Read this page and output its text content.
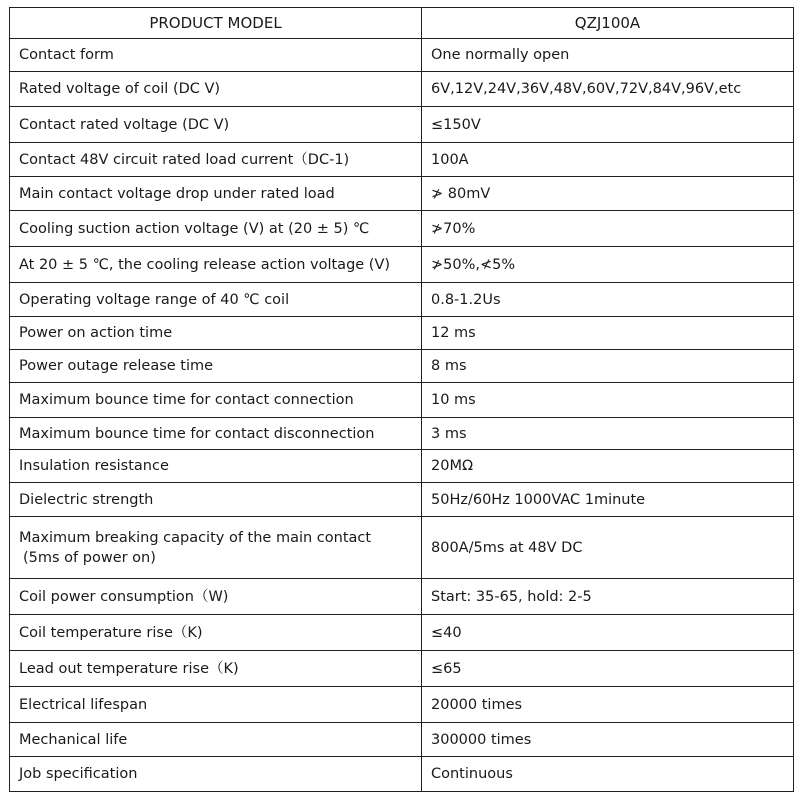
PRODUCT MODEL	QZJ100A
Contact form	One normally open
Rated voltage of coil (DC V)	6V,12V,24V,36V,48V,60V,72V,84V,96V,etc
Contact rated voltage (DC V)	≤150V
Contact 48V circuit rated load current（DC-1)	100A
Main contact voltage drop under rated load	≯ 80mV
Cooling suction action voltage (V) at (20 ± 5) ℃	≯70%
At 20 ± 5 ℃, the cooling release action voltage (V)	≯50%,≮5%
Operating voltage range of 40 ℃ coil	0.8-1.2Us
Power on action time	12 ms
Power outage release time	8 ms
Maximum bounce time for contact connection	10 ms
Maximum bounce time for contact disconnection	3 ms
Insulation resistance	20MΩ
Dielectric strength	50Hz/60Hz 1000VAC 1minute
Maximum breaking capacity of the main contact
(5ms of power on)	800A/5ms at 48V DC
Coil power consumption（W)	Start: 35-65, hold: 2-5
Coil temperature rise（K)	≤40
Lead out temperature rise（K)	≤65
Electrical lifespan	20000 times
Mechanical life	300000 times
Job specification	Continuous
